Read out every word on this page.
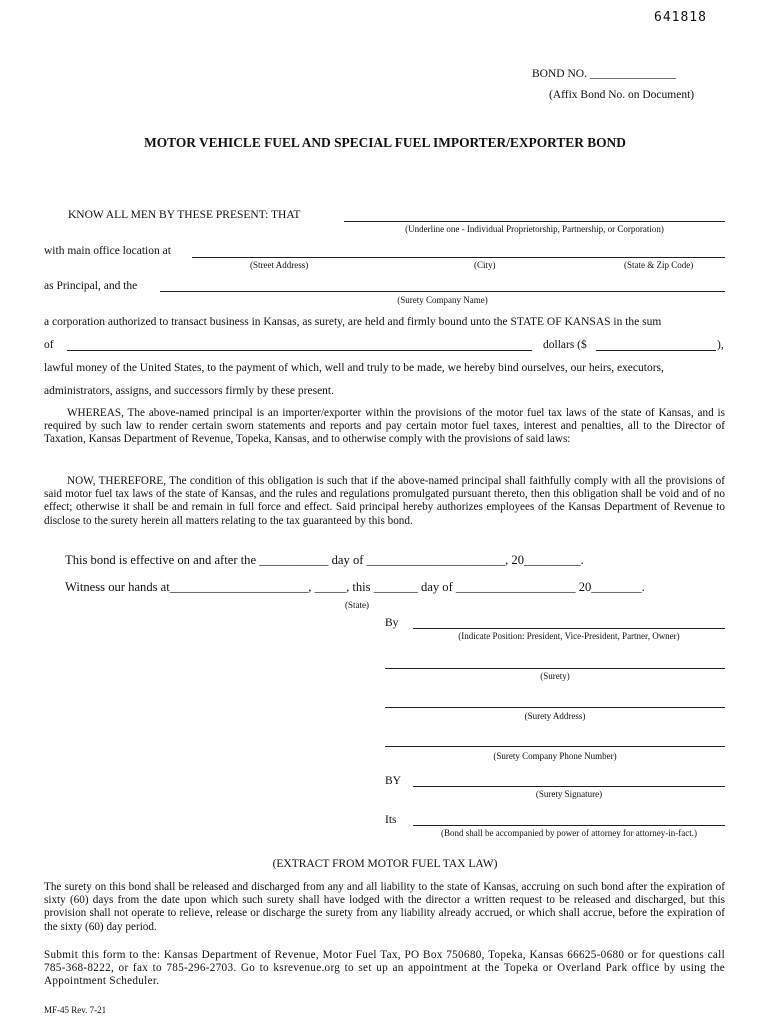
641818
BOND NO. _______________
(Affix Bond No. on Document)
MOTOR VEHICLE FUEL AND SPECIAL FUEL IMPORTER/EXPORTER BOND
KNOW ALL MEN BY THESE PRESENT: THAT
(Underline one - Individual Proprietorship, Partnership, or Corporation)
with main office location at
(Street Address)	(City)	(State & Zip Code)
as Principal, and the
(Surety Company Name)
a corporation authorized to transact business in Kansas, as surety, are held and firmly bound unto the STATE OF KANSAS in the sum
of	dollars ($	),
lawful money of the United States, to the payment of which, well and truly to be made, we hereby bind ourselves, our heirs, executors,
administrators, assigns, and successors firmly by these present.
WHEREAS, The above-named principal is an importer/exporter within the provisions of the motor fuel tax laws of the state of Kansas, and is required by such law to render certain sworn statements and reports and pay certain motor fuel taxes, interest and penalties, all to the Director of Taxation, Kansas Department of Revenue, Topeka, Kansas, and to otherwise comply with the provisions of said laws:
NOW, THEREFORE, The condition of this obligation is such that if the above-named principal shall faithfully comply with all the provisions of said motor fuel tax laws of the state of Kansas, and the rules and regulations promulgated pursuant thereto, then this obligation shall be void and of no effect; otherwise it shall be and remain in full force and effect. Said principal hereby authorizes employees of the Kansas Department of Revenue to disclose to the surety herein all matters relating to the tax guaranteed by this bond.
This bond is effective on and after the ___________ day of ______________________, 20_________.
Witness our hands at______________________, _____, this _______ day of ___________________ 20________.
(State)
By
(Indicate Position: President, Vice-President, Partner, Owner)
(Surety)
(Surety Address)
(Surety Company Phone Number)
BY
(Surety Signature)
Its
(Bond shall be accompanied by power of attorney for attorney-in-fact.)
(EXTRACT FROM MOTOR FUEL TAX LAW)
The surety on this bond shall be released and discharged from any and all liability to the state of Kansas, accruing on such bond after the expiration of sixty (60) days from the date upon which such surety shall have lodged with the director a written request to be released and discharged, but this provision shall not operate to relieve, release or discharge the surety from any liability already accrued, or which shall accrue, before the expiration of the sixty (60) day period.
Submit this form to the: Kansas Department of Revenue, Motor Fuel Tax, PO Box 750680, Topeka, Kansas 66625-0680 or for questions call 785-368-8222, or fax to 785-296-2703. Go to ksrevenue.org to set up an appointment at the Topeka or Overland Park office by using the Appointment Scheduler.
MF-45 Rev. 7-21
